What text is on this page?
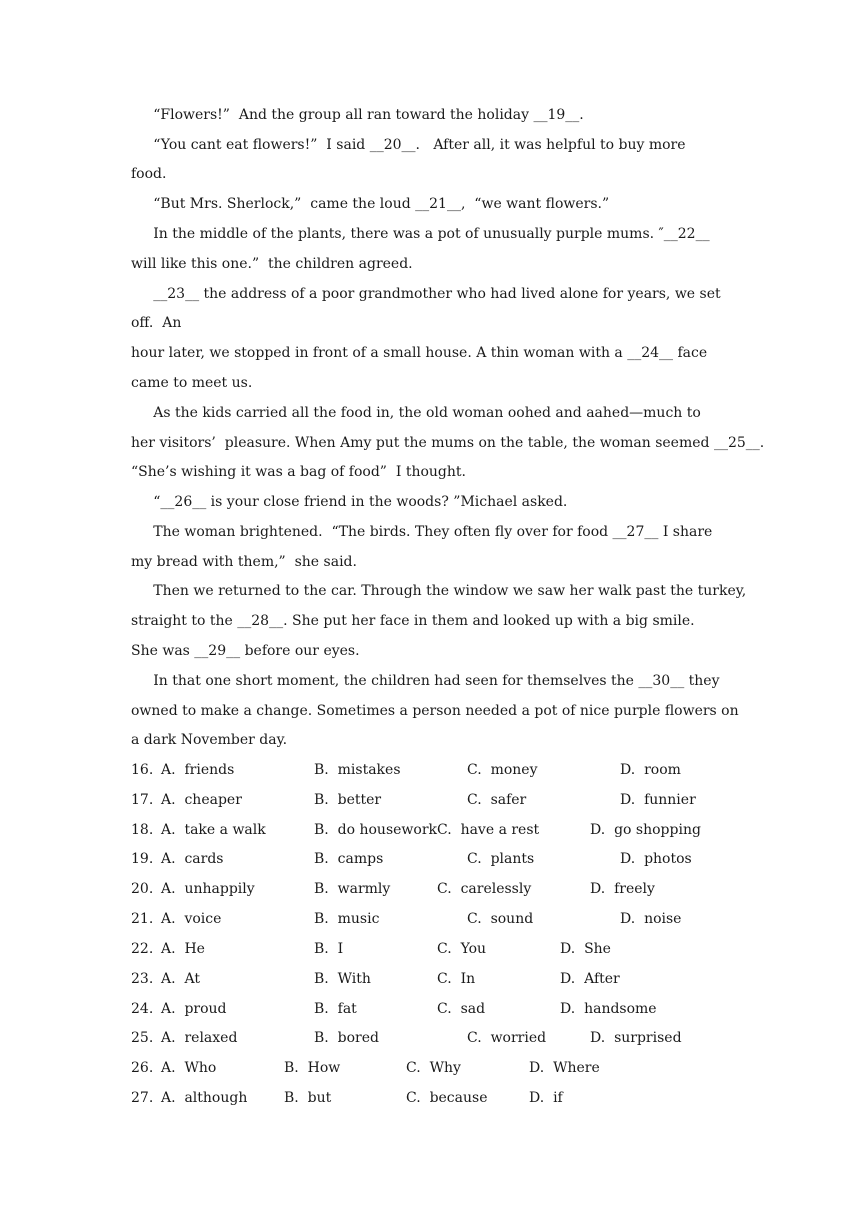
“Flowers!”  And the group all ran toward the holiday __19__.
“You cant eat flowers!”  I said __20__.   After all, it was helpful to buy more
food.
“But Mrs. Sherlock,”  came the loud __21__,  “we want flowers.”
In the middle of the plants, there was a pot of unusually purple mums. ″__22__
will like this one.”  the children agreed.
__23__ the address of a poor grandmother who had lived alone for years, we set
off.  An
hour later, we stopped in front of a small house. A thin woman with a __24__ face
came to meet us.
As the kids carried all the food in, the old woman oohed and aahed—much to
her visitors’  pleasure. When Amy put the mums on the table, the woman seemed __25__.
“She’s wishing it was a bag of food”  I thought.
“__26__ is your close friend in the woods? ”Michael asked.
The woman brightened.  “The birds. They often fly over for food __27__ I share
my bread with them,”  she said.
Then we returned to the car. Through the window we saw her walk past the turkey,
straight to the __28__. She put her face in them and looked up with a big smile.
She was __29__ before our eyes.
In that one short moment, the children had seen for themselves the __30__ they
owned to make a change. Sometimes a person needed a pot of nice purple flowers on
a dark November day.
16. A.  friends	B.  mistakes	C.  money	D.  room
17. A.  cheaper	B.  better	C.  safer	D.  funnier
18. A.  take a walk	B.  do housework C.  have a rest	D.  go shopping
19. A.  cards	B.  camps	C.  plants	D.  photos
20. A.  unhappily	B.  warmly	C.  carelessly	D.  freely
21. A.  voice	B.  music	C.  sound	D.  noise
22. A.  He	B.  I	C.  You	D.  She
23. A.  At	B.  With	C.  In	D.  After
24. A.  proud	B.  fat	C.  sad	D.  handsome
25. A.  relaxed	B.  bored	C.  worried	D.  surprised
26. A.  Who	B.  How	C.  Why	D.  Where
27. A.  although	B.  but	C.  because	D.  if
